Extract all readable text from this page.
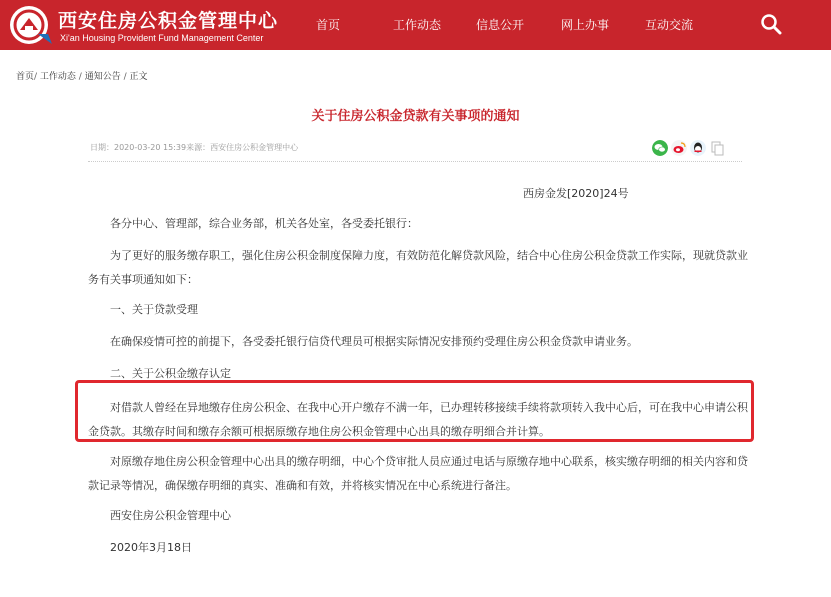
西安住房公积金管理中心
Xi'an Housing Provident Fund Management Center
首页	工作动态	信息公开	网上办事	互动交流
首页/ 工作动态 / 通知公告 / 正文
关于住房公积金贷款有关事项的通知
日期：2020-03-20 15:39来源：西安住房公积金管理中心
西房金发[2020]24号

各分中心、管理部，综合业务部，机关各处室，各受委托银行：

为了更好的服务缴存职工，强化住房公积金制度保障力度，有效防范化解贷款风险，结合中心住房公积金贷款工作实际，现就贷款业务有关事项通知如下：

一、关于贷款受理

在确保疫情可控的前提下，各受委托银行信贷代理员可根据实际情况安排预约受理住房公积金贷款申请业务。

二、关于公积金缴存认定

对借款人曾经在异地缴存住房公积金、在我中心开户缴存不满一年，已办理转移接续手续将款项转入我中心后，可在我中心申请公积金贷款。其缴存时间和缴存余额可根据原缴存地住房公积金管理中心出具的缴存明细合并计算。

对原缴存地住房公积金管理中心出具的缴存明细，中心个贷审批人员应通过电话与原缴存地中心联系，核实缴存明细的相关内容和贷款记录等情况，确保缴存明细的真实、准确和有效，并将核实情况在中心系统进行备注。

西安住房公积金管理中心

2020年3月18日
